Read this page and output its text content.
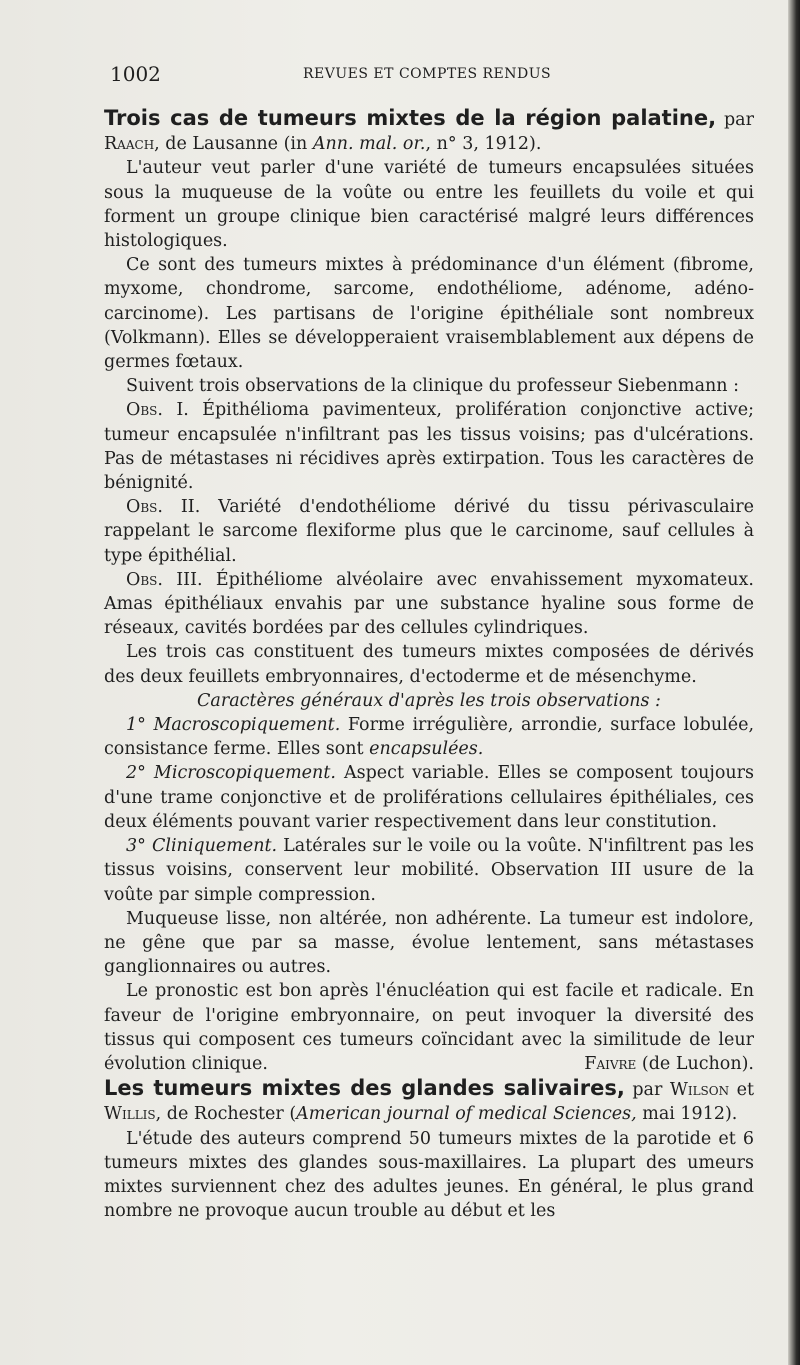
1002	REVUES ET COMPTES RENDUS

Trois cas de tumeurs mixtes de la région palatine, par Raach, de Lausanne (in Ann. mal. or., n° 3, 1912).

L'auteur veut parler d'une variété de tumeurs encapsulées situées sous la muqueuse de la voûte ou entre les feuillets du voile et qui forment un groupe clinique bien caractérisé malgré leurs différences histologiques.

Ce sont des tumeurs mixtes à prédominance d'un élément (fibrome, myxome, chondrome, sarcome, endothéliome, adénome, adéno-carcinome). Les partisans de l'origine épithéliale sont nombreux (Volkmann). Elles se développeraient vraisemblablement aux dépens de germes fœtaux.

Suivent trois observations de la clinique du professeur Siebenmann :

Obs. I. Épithélioma pavimenteux, prolifération conjonctive active; tumeur encapsulée n'infiltrant pas les tissus voisins; pas d'ulcérations. Pas de métastases ni récidives après extirpation. Tous les caractères de bénignité.

Obs. II. Variété d'endothéliome dérivé du tissu périvasculaire rappelant le sarcome flexiforme plus que le carcinome, sauf cellules à type épithélial.

Obs. III. Épithéliome alvéolaire avec envahissement myxomateux. Amas épithéliaux envahis par une substance hyaline sous forme de réseaux, cavités bordées par des cellules cylindriques.

Les trois cas constituent des tumeurs mixtes composées de dérivés des deux feuillets embryonnaires, d'ectoderme et de mésenchyme.

Caractères généraux d'après les trois observations :

1° Macroscopiquement. Forme irrégulière, arrondie, surface lobulée, consistance ferme. Elles sont encapsulées.

2° Microscopiquement. Aspect variable. Elles se composent toujours d'une trame conjonctive et de proliférations cellulaires épithéliales, ces deux éléments pouvant varier respectivement dans leur constitution.

3° Cliniquement. Latérales sur le voile ou la voûte. N'infiltrent pas les tissus voisins, conservent leur mobilité. Observation III usure de la voûte par simple compression.

Muqueuse lisse, non altérée, non adhérente. La tumeur est indolore, ne gêne que par sa masse, évolue lentement, sans métastases ganglionnaires ou autres.

Le pronostic est bon après l'énucléation qui est facile et radicale. En faveur de l'origine embryonnaire, on peut invoquer la diversité des tissus qui composent ces tumeurs coïncidant avec la similitude de leur évolution clinique.	Faivre (de Luchon).

Les tumeurs mixtes des glandes salivaires, par Wilson et Willis, de Rochester (American journal of medical Sciences, mai 1912).

L'étude des auteurs comprend 50 tumeurs mixtes de la parotide et 6 tumeurs mixtes des glandes sous-maxillaires. La plupart des umeurs mixtes surviennent chez des adultes jeunes. En général, le plus grand nombre ne provoque aucun trouble au début et les
